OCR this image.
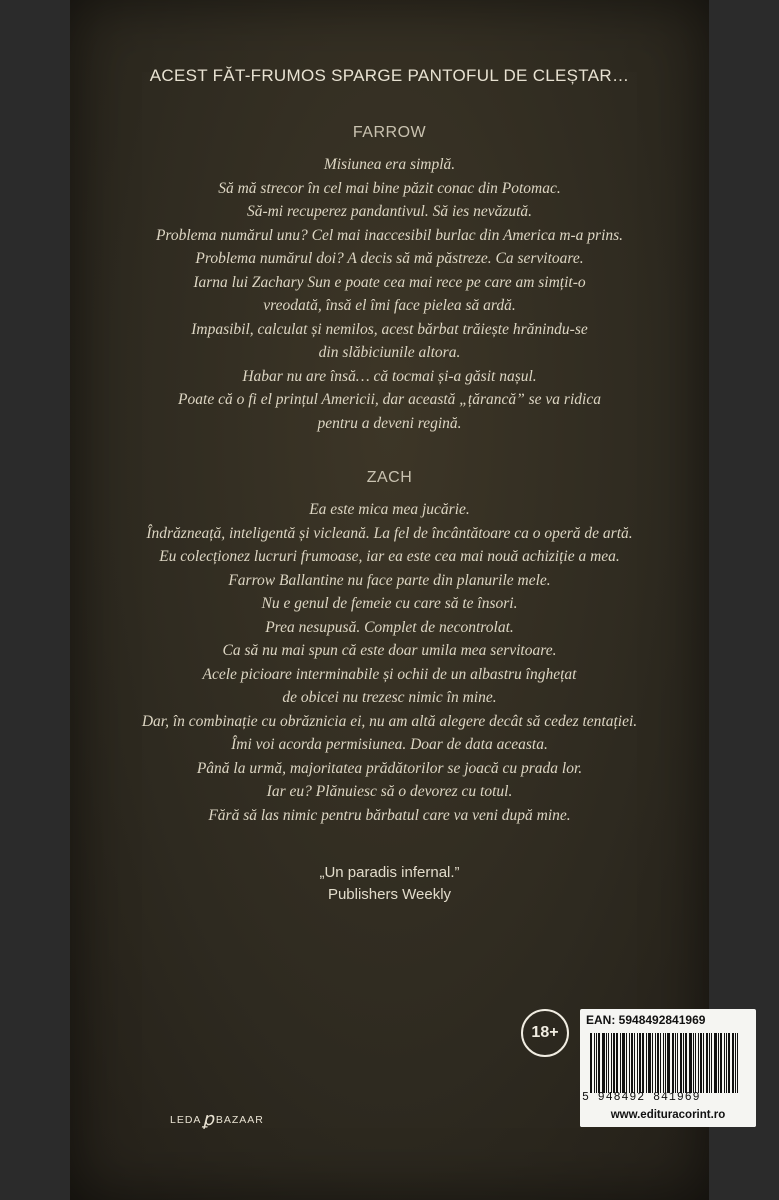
ACEST FĂT-FRUMOS SPARGE PANTOFUL DE CLEȘTAR…
FARROW
Misiunea era simplă.
Să mă strecor în cel mai bine păzit conac din Potomac.
Să-mi recuperez pandantivul. Să ies nevăzută.
Problema numărul unu? Cel mai inaccesibil burlac din America m-a prins.
Problema numărul doi? A decis să mă păstreze. Ca servitoare.
Iarna lui Zachary Sun e poate cea mai rece pe care am simțit-o
vreodată, însă el îmi face pielea să ardă.
Impasibil, calculat și nemilos, acest bărbat trăiește hrănindu-se
din slăbiciunile altora.
Habar nu are însă… că tocmai și-a găsit nașul.
Poate că o fi el prințul Americii, dar această „țărancă” se va ridica
pentru a deveni regină.
ZACH
Ea este mica mea jucărie.
Îndrăzneață, inteligentă și vicleană. La fel de încântătoare ca o operă de artă.
Eu colecționez lucruri frumoase, iar ea este cea mai nouă achiziție a mea.
Farrow Ballantine nu face parte din planurile mele.
Nu e genul de femeie cu care să te însori.
Prea nesupusă. Complet de necontrolat.
Ca să nu mai spun că este doar umila mea servitoare.
Acele picioare interminabile și ochii de un albastru înghețat
de obicei nu trezesc nimic în mine.
Dar, în combinație cu obrăznicia ei, nu am altă alegere decât să cedez tentației.
Îmi voi acorda permisiunea. Doar de data aceasta.
Până la urmă, majoritatea prădătorilor se joacă cu prada lor.
Iar eu? Plănuiesc să o devorez cu totul.
Fără să las nimic pentru bărbatul care va veni după mine.
„Un paradis infernal.”
Publishers Weekly
LEDA ꝑ BAZAAR
18+
EAN: 5948492841969
5 948492 841969
www.edituracorint.ro
